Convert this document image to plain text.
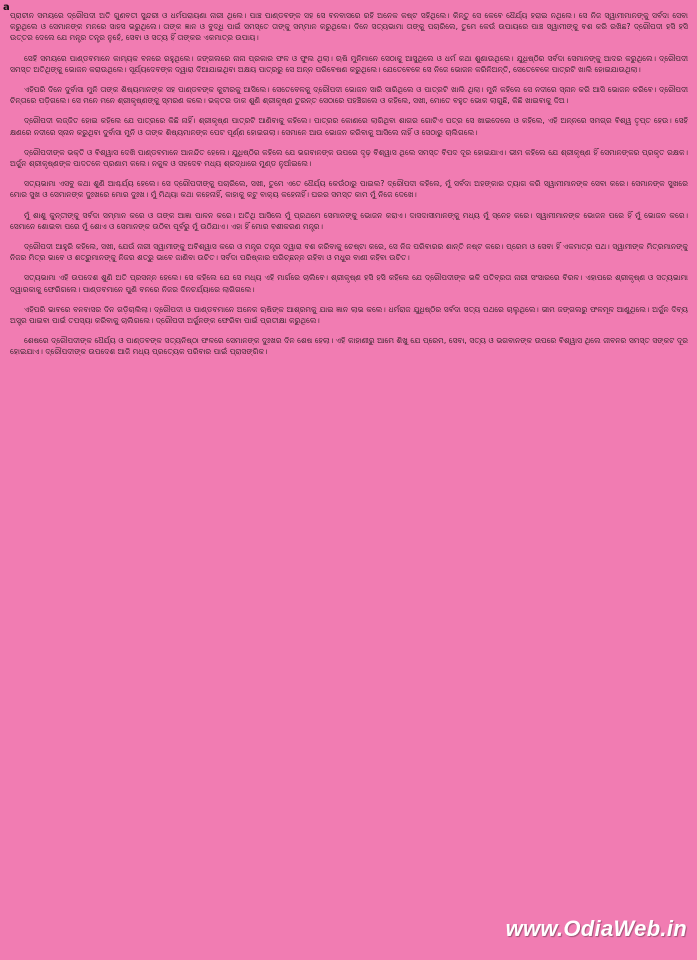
a

ପ୍ରାଚୀନ ସମୟରେ ଦ୍ରୌପଦୀ ଅତି ଗୁଣବତୀ ସୁନ୍ଦରୀ ଓ ଧର୍ମପରାୟଣା ନାରୀ ଥିଲେ। ପାଞ୍ଚ ପାଣ୍ଡବଙ୍କ ସହ ସେ ବନବାସରେ ରହି ଅନେକ କଷ୍ଟ ସହିଥିଲେ। କିନ୍ତୁ ସେ କେବେ ଧୈର୍ଯ୍ୟ ହରାଇ ନଥିଲେ। ସେ ନିଜ ସ୍ୱାମୀମାନଙ୍କୁ ସର୍ବଦା ସେବା କରୁଥିଲେ ଓ ସେମାନଙ୍କ ମନରେ ସାହସ ଭରୁଥିଲେ। ତାଙ୍କ ଜ୍ଞାନ ଓ ବୁଦ୍ଧି ପାଇଁ ସମସ୍ତେ ତାଙ୍କୁ ସମ୍ମାନ କରୁଥିଲେ। ଦିନେ ସତ୍ୟଭାମା ତାଙ୍କୁ ପଚାରିଲେ, ତୁମେ କେଉଁ ଉପାୟରେ ପାଞ୍ଚ ସ୍ୱାମୀଙ୍କୁ ବଶ କରି ରଖିଛ? ଦ୍ରୌପଦୀ ହସି ହସି ଉତ୍ତର ଦେଲେ ଯେ ମନ୍ତ୍ର ତନ୍ତ୍ର ନୁହେଁ, ସେବା ଓ ସତ୍ୟ ହିଁ ତାଙ୍କର ଏକମାତ୍ର ଉପାୟ।

ସେହି ସମୟରେ ପାଣ୍ଡବମାନେ କାମ୍ୟକ ବନରେ ରହୁଥିଲେ। ଜଙ୍ଗଲରେ ନାନା ପ୍ରକାର ଫଳ ଓ ଫୁଲ ଥିଲା। ଋଷି ମୁନିମାନେ ସେଠାକୁ ଆସୁଥିଲେ ଓ ଧର୍ମ କଥା ଶୁଣାଉଥିଲେ। ଯୁଧିଷ୍ଠିର ସର୍ବଦା ସେମାନଙ୍କୁ ଆଦର କରୁଥିଲେ। ଦ୍ରୌପଦୀ ସମସ୍ତ ଅତିଥିଙ୍କୁ ଭୋଜନ କରାଉଥିଲେ। ସୂର୍ଯ୍ୟଦେବଙ୍କ ଦ୍ୱାରା ଦିଆଯାଇଥିବା ଅକ୍ଷୟ ପାତ୍ରରୁ ସେ ଅନ୍ନ ପରିବେଷଣ କରୁଥିଲେ। ଯେତେବେଳେ ସେ ନିଜେ ଭୋଜନ କରିନିଅନ୍ତି, ସେତେବେଳେ ପାତ୍ରଟି ଖାଲି ହୋଇଯାଉଥିଲା।

ଏହିପରି ଦିନେ ଦୁର୍ବାସା ମୁନି ତାଙ୍କ ଶିଷ୍ୟମାନଙ୍କ ସହ ପାଣ୍ଡବଙ୍କ କୁଟୀରକୁ ଆସିଲେ। ସେତେବେଳକୁ ଦ୍ରୌପଦୀ ଭୋଜନ ସାରି ସାରିଥିଲେ ଓ ପାତ୍ରଟି ଖାଲି ଥିଲା। ମୁନି କହିଲେ ସେ ନଦୀରେ ସ୍ନାନ କରି ଆସି ଭୋଜନ କରିବେ। ଦ୍ରୌପଦୀ ଚିନ୍ତାରେ ପଡ଼ିଗଲେ। ସେ ମନେ ମନେ ଶ୍ରୀକୃଷ୍ଣଙ୍କୁ ସ୍ମରଣ କଲେ। ଭକ୍ତର ଡାକ ଶୁଣି ଶ୍ରୀକୃଷ୍ଣ ତୁରନ୍ତ ସେଠାରେ ପହଞ୍ଚିଗଲେ ଓ କହିଲେ, ସଖୀ, ମୋତେ ବହୁତ ଭୋକ ଲାଗୁଛି, କିଛି ଖାଇବାକୁ ଦିଅ।

ଦ୍ରୌପଦୀ ଲଜ୍ଜିତ ହୋଇ କହିଲେ ଯେ ପାତ୍ରରେ କିଛି ନାହିଁ। ଶ୍ରୀକୃଷ୍ଣ ପାତ୍ରଟି ଆଣିବାକୁ କହିଲେ। ପାତ୍ରର କୋଣରେ ଲାଗିଥିବା ଶାଗର ଗୋଟିଏ ପତ୍ର ସେ ଖାଇଦେଲେ ଓ କହିଲେ, ଏହି ଅନ୍ନରେ ସମଗ୍ର ବିଶ୍ୱ ତୃପ୍ତ ହେଉ। ସେହି କ୍ଷଣରେ ନଦୀରେ ସ୍ନାନ କରୁଥିବା ଦୁର୍ବାସା ମୁନି ଓ ତାଙ୍କ ଶିଷ୍ୟମାନଙ୍କ ପେଟ ପୂର୍ଣ୍ଣ ହୋଇଗଲା। ସେମାନେ ଆଉ ଭୋଜନ କରିବାକୁ ଆସିଲେ ନାହିଁ ଓ ସେଠାରୁ ଚାଲିଗଲେ।

ଦ୍ରୌପଦୀଙ୍କ ଭକ୍ତି ଓ ବିଶ୍ୱାସ ଦେଖି ପାଣ୍ଡବମାନେ ଆନନ୍ଦିତ ହେଲେ। ଯୁଧିଷ୍ଠିର କହିଲେ ଯେ ଭଗବାନଙ୍କ ଉପରେ ଦୃଢ଼ ବିଶ୍ୱାସ ଥିଲେ ସମସ୍ତ ବିପଦ ଦୂର ହୋଇଯାଏ। ଭୀମ କହିଲେ ଯେ ଶ୍ରୀକୃଷ୍ଣ ହିଁ ସେମାନଙ୍କର ପ୍ରକୃତ ରକ୍ଷକ। ଅର୍ଜୁନ ଶ୍ରୀକୃଷ୍ଣଙ୍କ ପାଦତଳେ ପ୍ରଣାମ କଲେ। ନକୁଳ ଓ ସହଦେବ ମଧ୍ୟ ଶ୍ରଦ୍ଧାରେ ମୁଣ୍ଡ ନୁଆଁଇଲେ।

ସତ୍ୟଭାମା ଏସବୁ କଥା ଶୁଣି ଆଶ୍ଚର୍ଯ୍ୟ ହେଲେ। ସେ ଦ୍ରୌପଦୀଙ୍କୁ ପଚାରିଲେ, ସଖୀ, ତୁମେ ଏତେ ଧୈର୍ଯ୍ୟ କେଉଁଠାରୁ ପାଇଲ? ଦ୍ରୌପଦୀ କହିଲେ, ମୁଁ ସର୍ବଦା ଅହଙ୍କାର ତ୍ୟାଗ କରି ସ୍ୱାମୀମାନଙ୍କ ସେବା କରେ। ସେମାନଙ୍କ ସୁଖରେ ମୋର ସୁଖ ଓ ସେମାନଙ୍କ ଦୁଃଖରେ ମୋର ଦୁଃଖ। ମୁଁ ମିଥ୍ୟା କଥା କହେନାହିଁ, କାହାକୁ କଟୁ ବାକ୍ୟ କହେନାହିଁ। ଘରର ସମସ୍ତ କାମ ମୁଁ ନିଜେ ଦେଖେ।

ମୁଁ ଶାଶୁ କୁନ୍ତୀଙ୍କୁ ସର୍ବଦା ସମ୍ମାନ କରେ ଓ ତାଙ୍କ ଆଜ୍ଞା ପାଳନ କରେ। ଅତିଥି ଆସିଲେ ମୁଁ ପ୍ରଥମେ ସେମାନଙ୍କୁ ଭୋଜନ କରାଏ। ଦାସଦାସୀମାନଙ୍କୁ ମଧ୍ୟ ମୁଁ ସ୍ନେହ କରେ। ସ୍ୱାମୀମାନଙ୍କ ଭୋଜନ ପରେ ହିଁ ମୁଁ ଭୋଜନ କରେ। ସେମାନେ ଶୋଇବା ପରେ ମୁଁ ଶୋଏ ଓ ସେମାନଙ୍କ ଉଠିବା ପୂର୍ବରୁ ମୁଁ ଉଠିଯାଏ। ଏହା ହିଁ ମୋର ବଶୀକରଣ ମନ୍ତ୍ର।

ଦ୍ରୌପଦୀ ଆହୁରି କହିଲେ, ସଖୀ, ଯେଉଁ ନାରୀ ସ୍ୱାମୀଙ୍କୁ ଅବିଶ୍ୱାସ କରେ ଓ ମନ୍ତ୍ର ତନ୍ତ୍ର ଦ୍ୱାରା ବଶ କରିବାକୁ ଚେଷ୍ଟା କରେ, ସେ ନିଜ ପରିବାରର ଶାନ୍ତି ନଷ୍ଟ କରେ। ପ୍ରେମ ଓ ସେବା ହିଁ ଏକମାତ୍ର ପଥ। ସ୍ୱାମୀଙ୍କ ମିତ୍ରମାନଙ୍କୁ ନିଜର ମିତ୍ର ଭାବେ ଓ ଶତ୍ରୁମାନଙ୍କୁ ନିଜର ଶତ୍ରୁ ଭାବେ ଜାଣିବା ଉଚିତ। ସର୍ବଦା ପରିଷ୍କାର ପରିଚ୍ଛନ୍ନ ରହିବା ଓ ମଧୁର ବାଣୀ କହିବା ଉଚିତ।

ସତ୍ୟଭାମା ଏହି ଉପଦେଶ ଶୁଣି ଅତି ପ୍ରସନ୍ନ ହେଲେ। ସେ କହିଲେ ଯେ ସେ ମଧ୍ୟ ଏହି ମାର୍ଗରେ ଚାଲିବେ। ଶ୍ରୀକୃଷ୍ଣ ହସି ହସି କହିଲେ ଯେ ଦ୍ରୌପଦୀଙ୍କ ଭଳି ପତିବ୍ରତା ନାରୀ ସଂସାରରେ ବିରଳ। ଏହାପରେ ଶ୍ରୀକୃଷ୍ଣ ଓ ସତ୍ୟଭାମା ଦ୍ୱାରକାକୁ ଫେରିଗଲେ। ପାଣ୍ଡବମାନେ ପୁଣି ବନରେ ନିଜର ଦିନଚର୍ଯ୍ୟାରେ ଲାଗିଗଲେ।

ଏହିପରି ଭାବରେ ବନବାସର ଦିନ ଗଡ଼ିଚାଲିଲା। ଦ୍ରୌପଦୀ ଓ ପାଣ୍ଡବମାନେ ଅନେକ ଋଷିଙ୍କ ଆଶ୍ରମକୁ ଯାଇ ଜ୍ଞାନ ଲାଭ କଲେ। ଧର୍ମରାଜ ଯୁଧିଷ୍ଠିର ସର୍ବଦା ସତ୍ୟ ପଥରେ ଚାଲୁଥିଲେ। ଭୀମ ଜଙ୍ଗଲରୁ ଫଳମୂଳ ଆଣୁଥିଲେ। ଅର୍ଜୁନ ଦିବ୍ୟ ଅସ୍ତ୍ର ପାଇବା ପାଇଁ ତପସ୍ୟା କରିବାକୁ ଚାଲିଗଲେ। ଦ୍ରୌପଦୀ ଅର୍ଜୁନଙ୍କ ଫେରିବା ପାଇଁ ପ୍ରତୀକ୍ଷା କରୁଥିଲେ।

ଶେଷରେ ଦ୍ରୌପଦୀଙ୍କ ଧୈର୍ଯ୍ୟ ଓ ପାଣ୍ଡବଙ୍କ ସତ୍ୟନିଷ୍ଠା ଫଳରେ ସେମାନଙ୍କ ଦୁଃଖର ଦିନ ଶେଷ ହେଲା। ଏହି କାହାଣୀରୁ ଆମେ ଶିଖୁ ଯେ ପ୍ରେମ, ସେବା, ସତ୍ୟ ଓ ଭଗବାନଙ୍କ ଉପରେ ବିଶ୍ୱାସ ଥିଲେ ଜୀବନର ସମସ୍ତ ସଙ୍କଟ ଦୂର ହୋଇଯାଏ। ଦ୍ରୌପଦୀଙ୍କ ଉପଦେଶ ଆଜି ମଧ୍ୟ ପ୍ରତ୍ୟେକ ପରିବାର ପାଇଁ ପ୍ରାସଙ୍ଗିକ।

www.OdiaWeb.in
